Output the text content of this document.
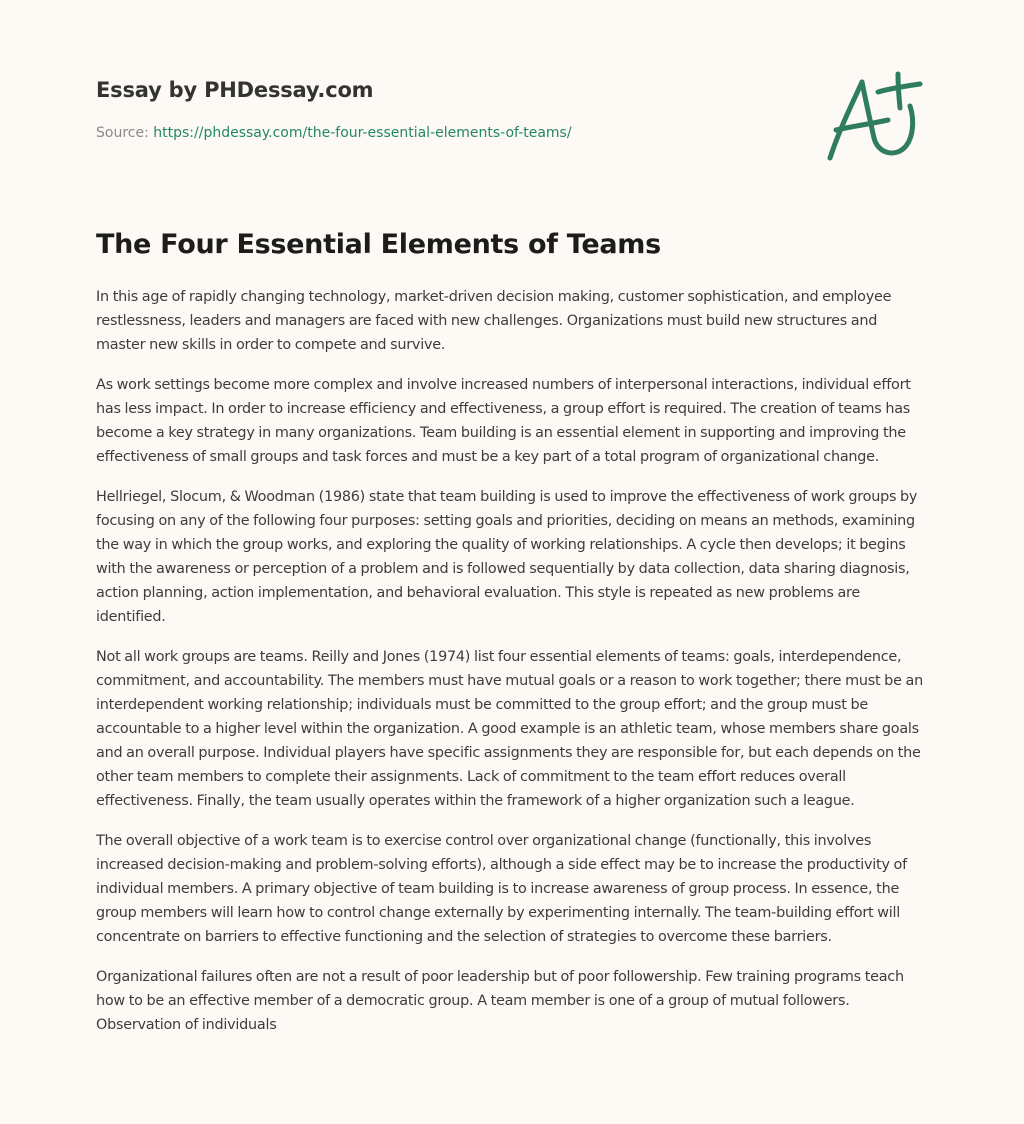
Essay by PHDessay.com
Source: https://phdessay.com/the-four-essential-elements-of-teams/
The Four Essential Elements of Teams

In this age of rapidly changing technology, market-driven decision making, customer sophistication, and employee restlessness, leaders and managers are faced with new challenges. Organizations must build new structures and master new skills in order to compete and survive.

As work settings become more complex and involve increased numbers of interpersonal interactions, individual effort has less impact. In order to increase efficiency and effectiveness, a group effort is required. The creation of teams has become a key strategy in many organizations. Team building is an essential element in supporting and improving the effectiveness of small groups and task forces and must be a key part of a total program of organizational change.

Hellriegel, Slocum, & Woodman (1986) state that team building is used to improve the effectiveness of work groups by focusing on any of the following four purposes: setting goals and priorities, deciding on means an methods, examining the way in which the group works, and exploring the quality of working relationships. A cycle then develops; it begins with the awareness or perception of a problem and is followed sequentially by data collection, data sharing diagnosis, action planning, action implementation, and behavioral evaluation. This style is repeated as new problems are identified.

Not all work groups are teams. Reilly and Jones (1974) list four essential elements of teams: goals, interdependence, commitment, and accountability. The members must have mutual goals or a reason to work together; there must be an interdependent working relationship; individuals must be committed to the group effort; and the group must be accountable to a higher level within the organization. A good example is an athletic team, whose members share goals and an overall purpose. Individual players have specific assignments they are responsible for, but each depends on the other team members to complete their assignments. Lack of commitment to the team effort reduces overall effectiveness. Finally, the team usually operates within the framework of a higher organization such a league.

The overall objective of a work team is to exercise control over organizational change (functionally, this involves increased decision-making and problem-solving efforts), although a side effect may be to increase the productivity of individual members. A primary objective of team building is to increase awareness of group process. In essence, the group members will learn how to control change externally by experimenting internally. The team-building effort will concentrate on barriers to effective functioning and the selection of strategies to overcome these barriers.

Organizational failures often are not a result of poor leadership but of poor followership. Few training programs teach how to be an effective member of a democratic group. A team member is one of a group of mutual followers. Observation of individuals
